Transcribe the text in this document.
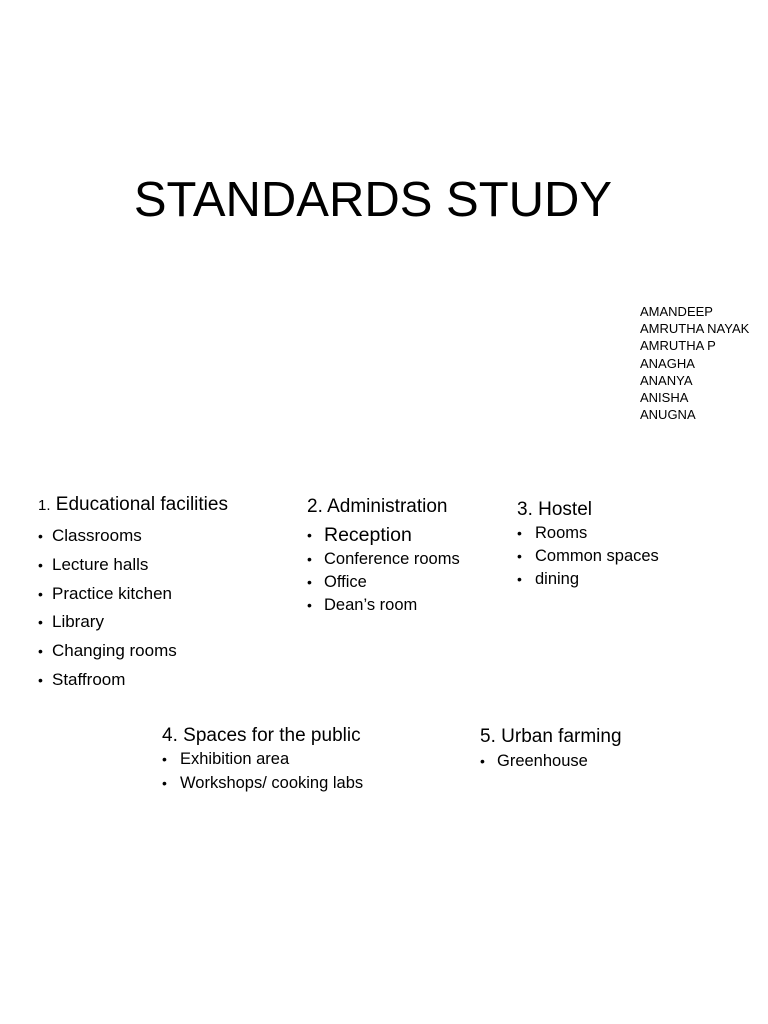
STANDARDS STUDY
AMANDEEP
AMRUTHA NAYAK
AMRUTHA P
ANAGHA
ANANYA
ANISHA
ANUGNA
1. Educational facilities
• Classrooms
• Lecture halls
• Practice kitchen
• Library
• Changing rooms
• Staffroom
2. Administration
• Reception
• Conference rooms
• Office
• Dean’s room
3. Hostel
• Rooms
• Common spaces
• dining
4. Spaces for the public
• Exhibition area
• Workshops/ cooking labs
5. Urban farming
• Greenhouse
